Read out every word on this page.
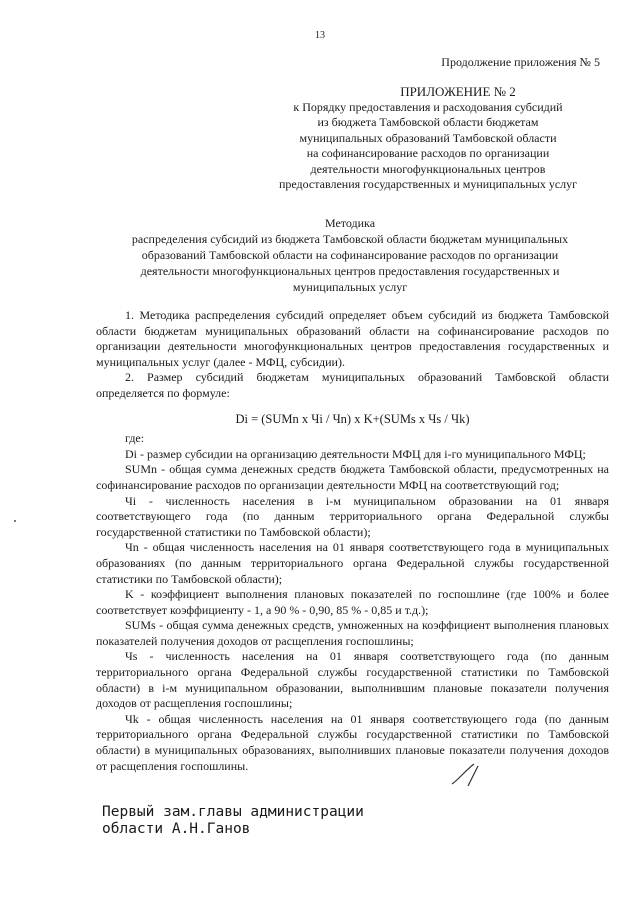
13
Продолжение приложения № 5
ПРИЛОЖЕНИЕ № 2
к Порядку предоставления и расходования субсидий
из бюджета Тамбовской области бюджетам
муниципальных образований Тамбовской области
на софинансирование расходов по организации
деятельности многофункциональных центров
предоставления государственных и муниципальных услуг
Методика
распределения субсидий из бюджета Тамбовской области бюджетам муниципальных
образований Тамбовской области на софинансирование расходов по организации
деятельности многофункциональных центров предоставления государственных и
муниципальных услуг

1. Методика распределения субсидий определяет объем субсидий из бюджета Тамбовской области бюджетам муниципальных образований области на софинансирование расходов по организации деятельности многофункциональных центров предоставления государственных и муниципальных услуг (далее - МФЦ, субсидии).

2. Размер субсидий бюджетам муниципальных образований Тамбовской области определяется по формуле:

Di = (SUMn x Чi / Чn) x K+(SUMs x Чs / Чk)

где:

Di - размер субсидии на организацию деятельности МФЦ для i-го муниципального МФЦ;

SUMn - общая сумма денежных средств бюджета Тамбовской области, предусмотренных на софинансирование расходов по организации деятельности МФЦ на соответствующий год;

Чi - численность населения в i-м муниципальном образовании на 01 января соответствующего года (по данным территориального органа Федеральной службы государственной статистики по Тамбовской области);

Чn - общая численность населения на 01 января соответствующего года в муниципальных образованиях (по данным территориального органа Федеральной службы государственной статистики по Тамбовской области);

K - коэффициент выполнения плановых показателей по госпошлине (где 100% и более соответствует коэффициенту - 1, а 90 % - 0,90, 85 % - 0,85 и т.д.);

SUMs - общая сумма денежных средств, умноженных на коэффициент выполнения плановых показателей получения доходов от расщепления госпошлины;

Чs - численность населения на 01 января соответствующего года (по данным территориального органа Федеральной службы государственной статистики по Тамбовской области) в i-м муниципальном образовании, выполнившим плановые показатели получения доходов от расщепления госпошлины;

Чk - общая численность населения на 01 января соответствующего года (по данным территориального органа Федеральной службы государственной статистики по Тамбовской области) в муниципальных образованиях, выполнивших плановые показатели получения доходов от расщепления госпошлины.

Первый зам.главы администрации
области А.Н.Ганов
